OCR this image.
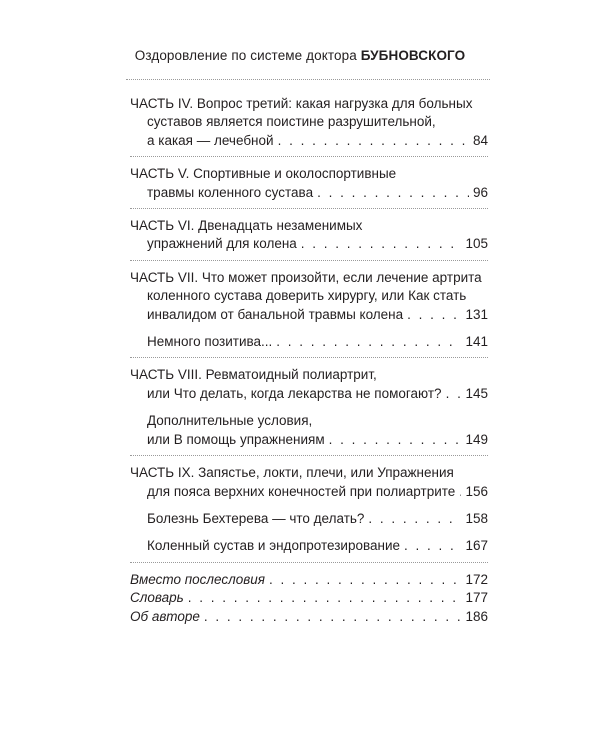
Оздоровление по системе доктора БУБНОВСКОГО
ЧАСТЬ IV. Вопрос третий: какая нагрузка для больных
суставов является поистине разрушительной,
а какая — лечебной . . .	84
ЧАСТЬ V. Спортивные и околоспортивные
травмы коленного сустава . . .	96
ЧАСТЬ VI. Двенадцать незаменимых
упражнений для колена . . .	105
ЧАСТЬ VII. Что может произойти, если лечение артрита
коленного сустава доверить хирургу, или Как стать
инвалидом от банальной травмы колена . . .	131
Немного позитива... . . .	141
ЧАСТЬ VIII. Ревматоидный полиартрит,
или Что делать, когда лекарства не помогают? . . . 145
Дополнительные условия,
или В помощь упражнениям . . .	149
ЧАСТЬ IX. Запястье, локти, плечи, или Упражнения
для пояса верхних конечностей при полиартрите . . . 156
Болезнь Бехтерева — что делать? . . .	158
Коленный сустав и эндопротезирование . . .	167
Вместо послесловия . . .	172
Словарь . . .	177
Об авторе . . .	186
